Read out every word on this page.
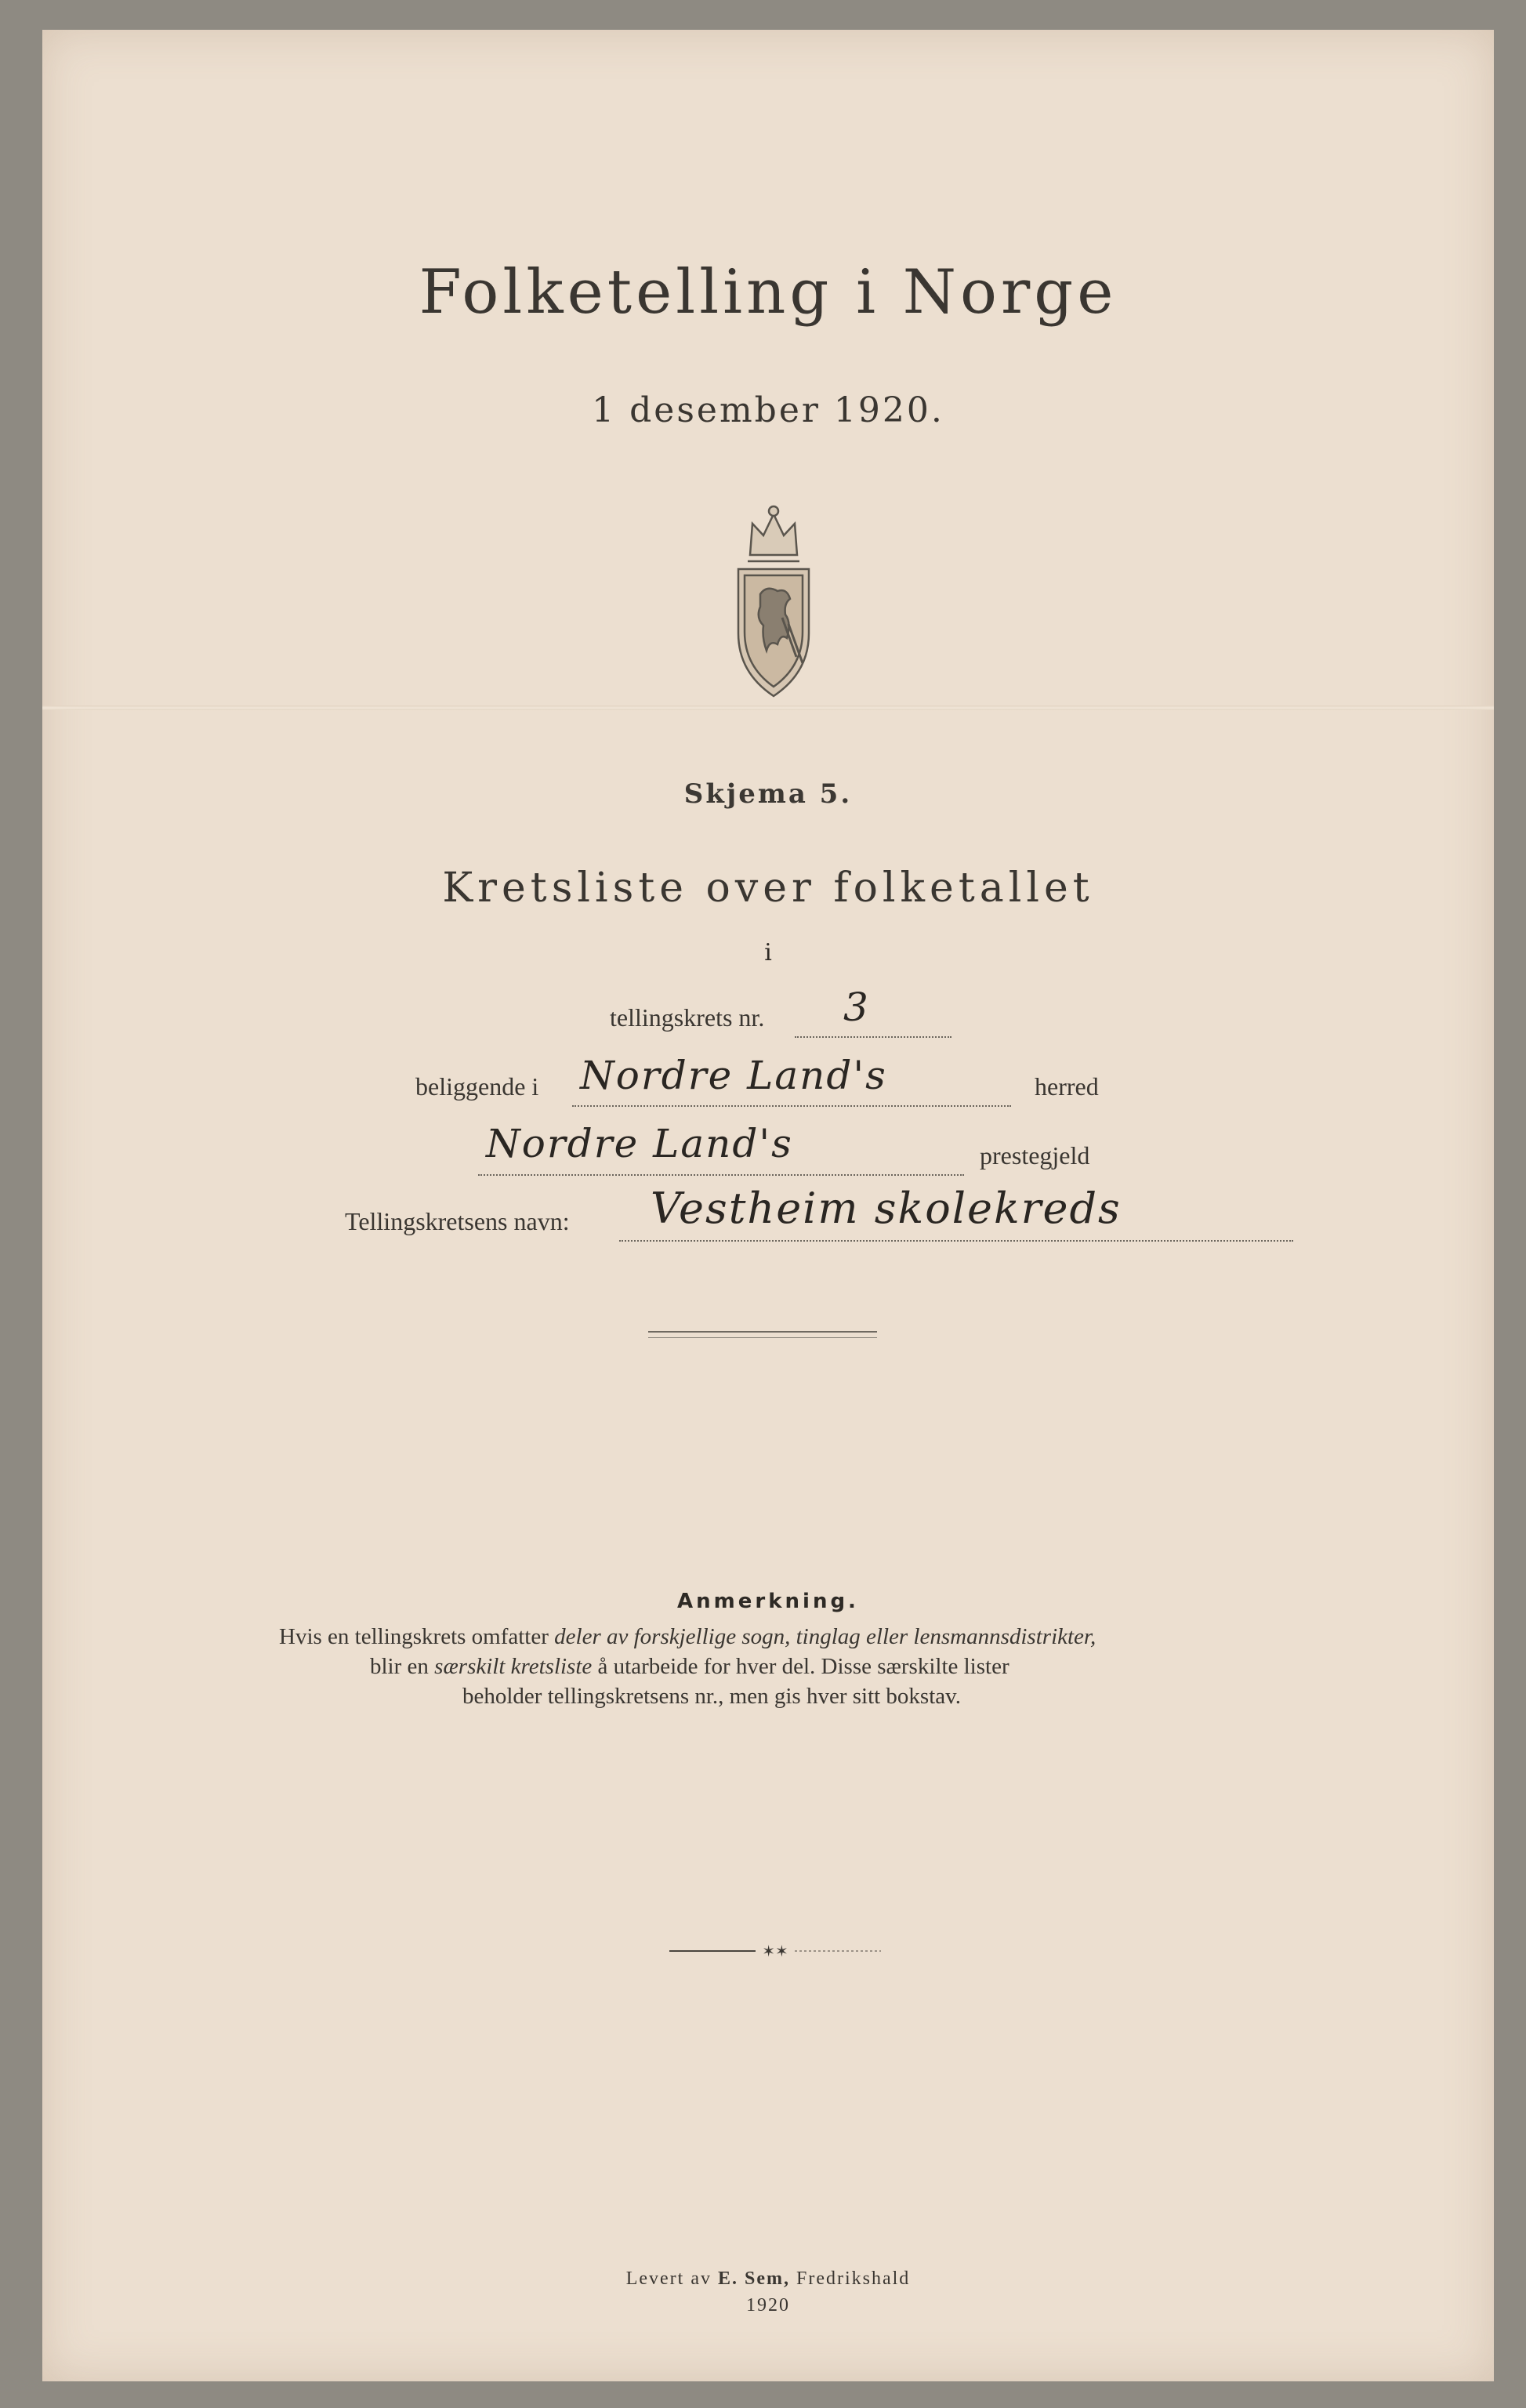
Folketelling i Norge
1 desember 1920.
Skjema 5.
Kretsliste over folketallet
i
tellingskrets nr. 3
beliggende i Nordre Land's	herred
Nordre Land's	prestegjeld
Tellingskretsens navn: Vestheim skolekreds
Anmerkning.
Hvis en tellingskrets omfatter deler av forskjellige sogn, tinglag eller lensmannsdistrikter,
blir en særskilt kretsliste å utarbeide for hver del. Disse særskilte lister
beholder tellingskretsens nr., men gis hver sitt bokstav.
✶✶
Levert av E. Sem, Fredrikshald
1920
